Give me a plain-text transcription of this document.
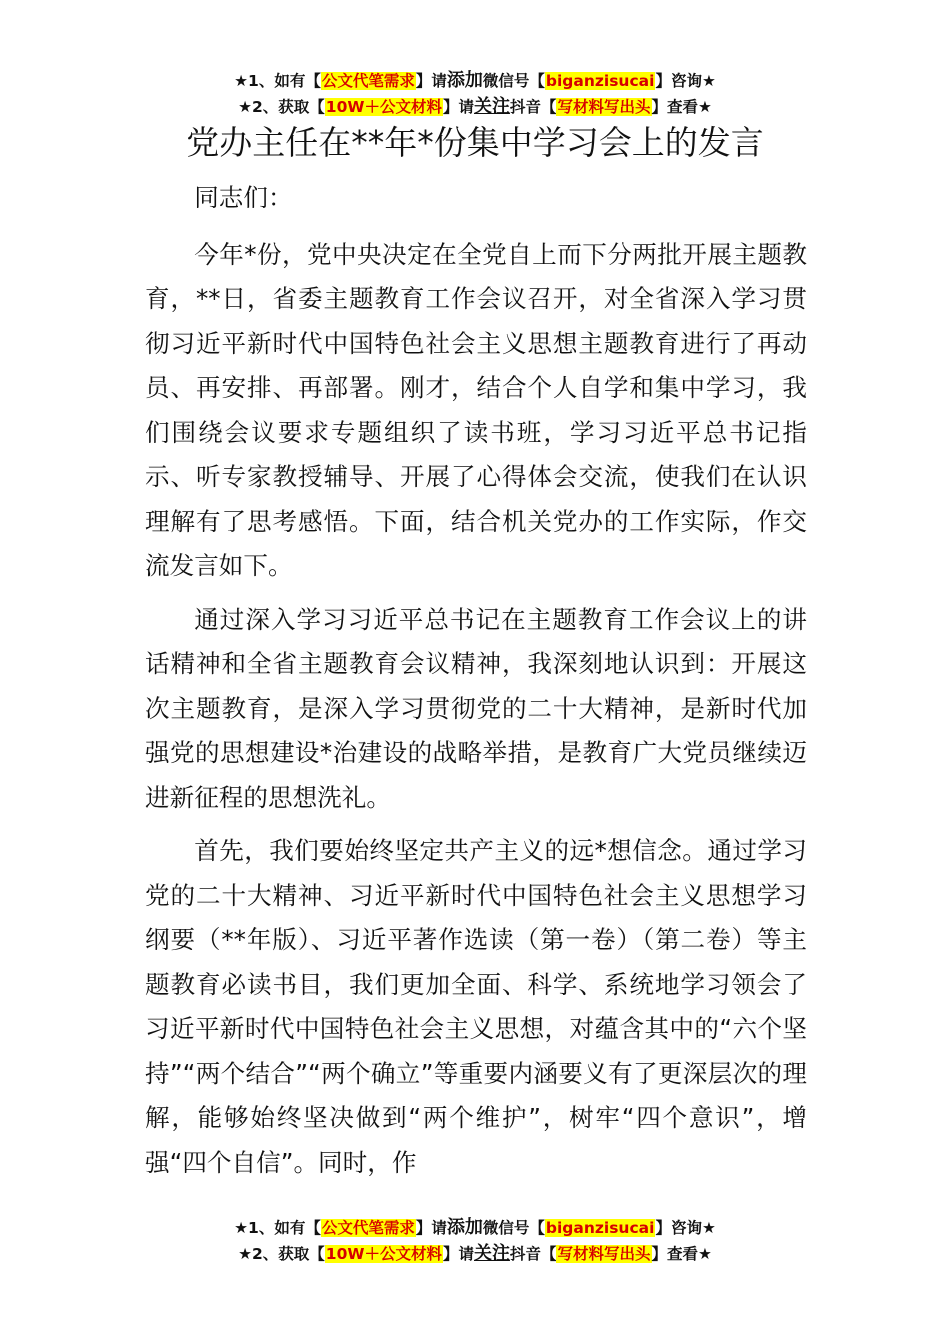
★1、如有【公文代笔需求】请添加微信号【biganzisucai】咨询★
★2、获取【10W＋公文材料】请关注抖音【写材料写出头】查看★
党办主任在**年*份集中学习会上的发言

同志们：

今年*份，党中央决定在全党自上而下分两批开展主题教育，**日，省委主题教育工作会议召开，对全省深入学习贯彻习近平新时代中国特色社会主义思想主题教育进行了再动员、再安排、再部署。刚才，结合个人自学和集中学习，我们围绕会议要求专题组织了读书班，学习习近平总书记指示、听专家教授辅导、开展了心得体会交流，使我们在认识理解有了思考感悟。下面，结合机关党办的工作实际，作交流发言如下。

通过深入学习习近平总书记在主题教育工作会议上的讲话精神和全省主题教育会议精神，我深刻地认识到：开展这次主题教育，是深入学习贯彻党的二十大精神，是新时代加强党的思想建设*治建设的战略举措，是教育广大党员继续迈进新征程的思想洗礼。

首先，我们要始终坚定共产主义的远*想信念。通过学习党的二十大精神、习近平新时代中国特色社会主义思想学习纲要（**年版）、习近平著作选读（第一卷）（第二卷）等主题教育必读书目，我们更加全面、科学、系统地学习领会了习近平新时代中国特色社会主义思想，对蕴含其中的“六个坚持”“两个结合”“两个确立”等重要内涵要义有了更深层次的理解，能够始终坚决做到“两个维护”，树牢“四个意识”，增强“四个自信”。同时，作

★1、如有【公文代笔需求】请添加微信号【biganzisucai】咨询★
★2、获取【10W＋公文材料】请关注抖音【写材料写出头】查看★
